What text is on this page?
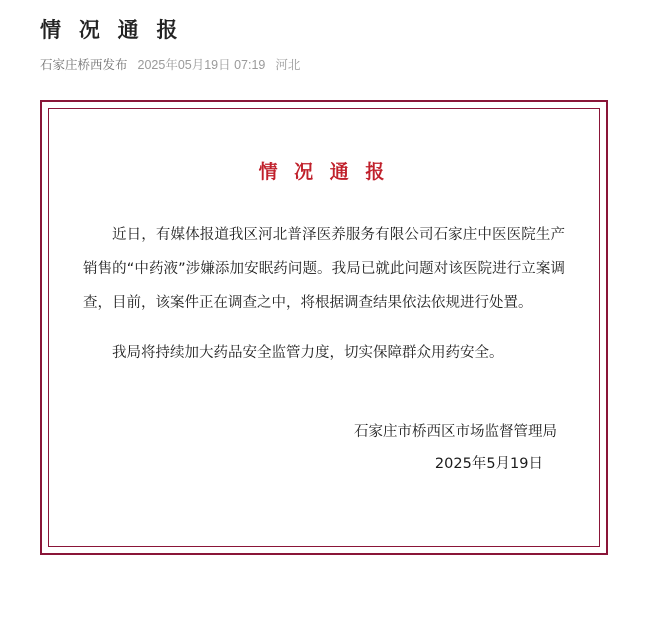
情 况 通 报
石家庄桥西发布 2025年05月19日 07:19 河北
情 况 通 报

近日，有媒体报道我区河北普泽医养服务有限公司石家庄中医医院生产销售的“中药液”涉嫌添加安眠药问题。我局已就此问题对该医院进行立案调查，目前，该案件正在调查之中，将根据调查结果依法依规进行处置。

我局将持续加大药品安全监管力度，切实保障群众用药安全。

石家庄市桥西区市场监督管理局
2025年5月19日
